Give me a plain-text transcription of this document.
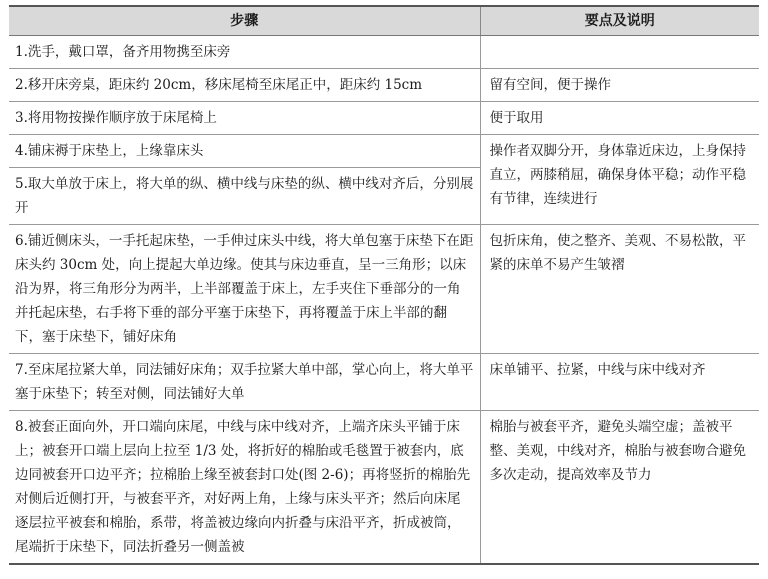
步骤	要点及说明
1.洗手，戴口罩，备齐用物携至床旁	
2.移开床旁桌，距床约 20cm，移床尾椅至床尾正中，距床约 15cm	留有空间，便于操作
3.将用物按操作顺序放于床尾椅上	便于取用
4.铺床褥于床垫上，上缘靠床头	操作者双脚分开，身体靠近床边，上身保持直立，两膝稍屈，确保身体平稳；动作平稳有节律，连续进行
5.取大单放于床上，将大单的纵、横中线与床垫的纵、横中线对齐后，分别展开	
6.铺近侧床头，一手托起床垫，一手伸过床头中线，将大单包塞于床垫下在距床头约 30cm 处，向上提起大单边缘。使其与床边垂直，呈一三角形；以床沿为界，将三角形分为两半，上半部覆盖于床上，左手夹住下垂部分的一角并托起床垫，右手将下垂的部分平塞于床垫下，再将覆盖于床上半部的翻下，塞于床垫下，铺好床角	包折床角，使之整齐、美观、不易松散，平紧的床单不易产生皱褶
7.至床尾拉紧大单，同法铺好床角；双手拉紧大单中部，掌心向上，将大单平塞于床垫下；转至对侧，同法铺好大单	床单铺平、拉紧，中线与床中线对齐
8.被套正面向外，开口端向床尾，中线与床中线对齐，上端齐床头平铺于床上；被套开口端上层向上拉至 1/3 处，将折好的棉胎或毛毯置于被套内，底边同被套开口边平齐；拉棉胎上缘至被套封口处(图 2-6)；再将竖折的棉胎先对侧后近侧打开，与被套平齐，对好两上角，上缘与床头平齐；然后向床尾逐层拉平被套和棉胎，系带，将盖被边缘向内折叠与床沿平齐，折成被筒，尾端折于床垫下，同法折叠另一侧盖被	棉胎与被套平齐，避免头端空虚；盖被平整、美观，中线对齐，棉胎与被套吻合避免多次走动，提高效率及节力
